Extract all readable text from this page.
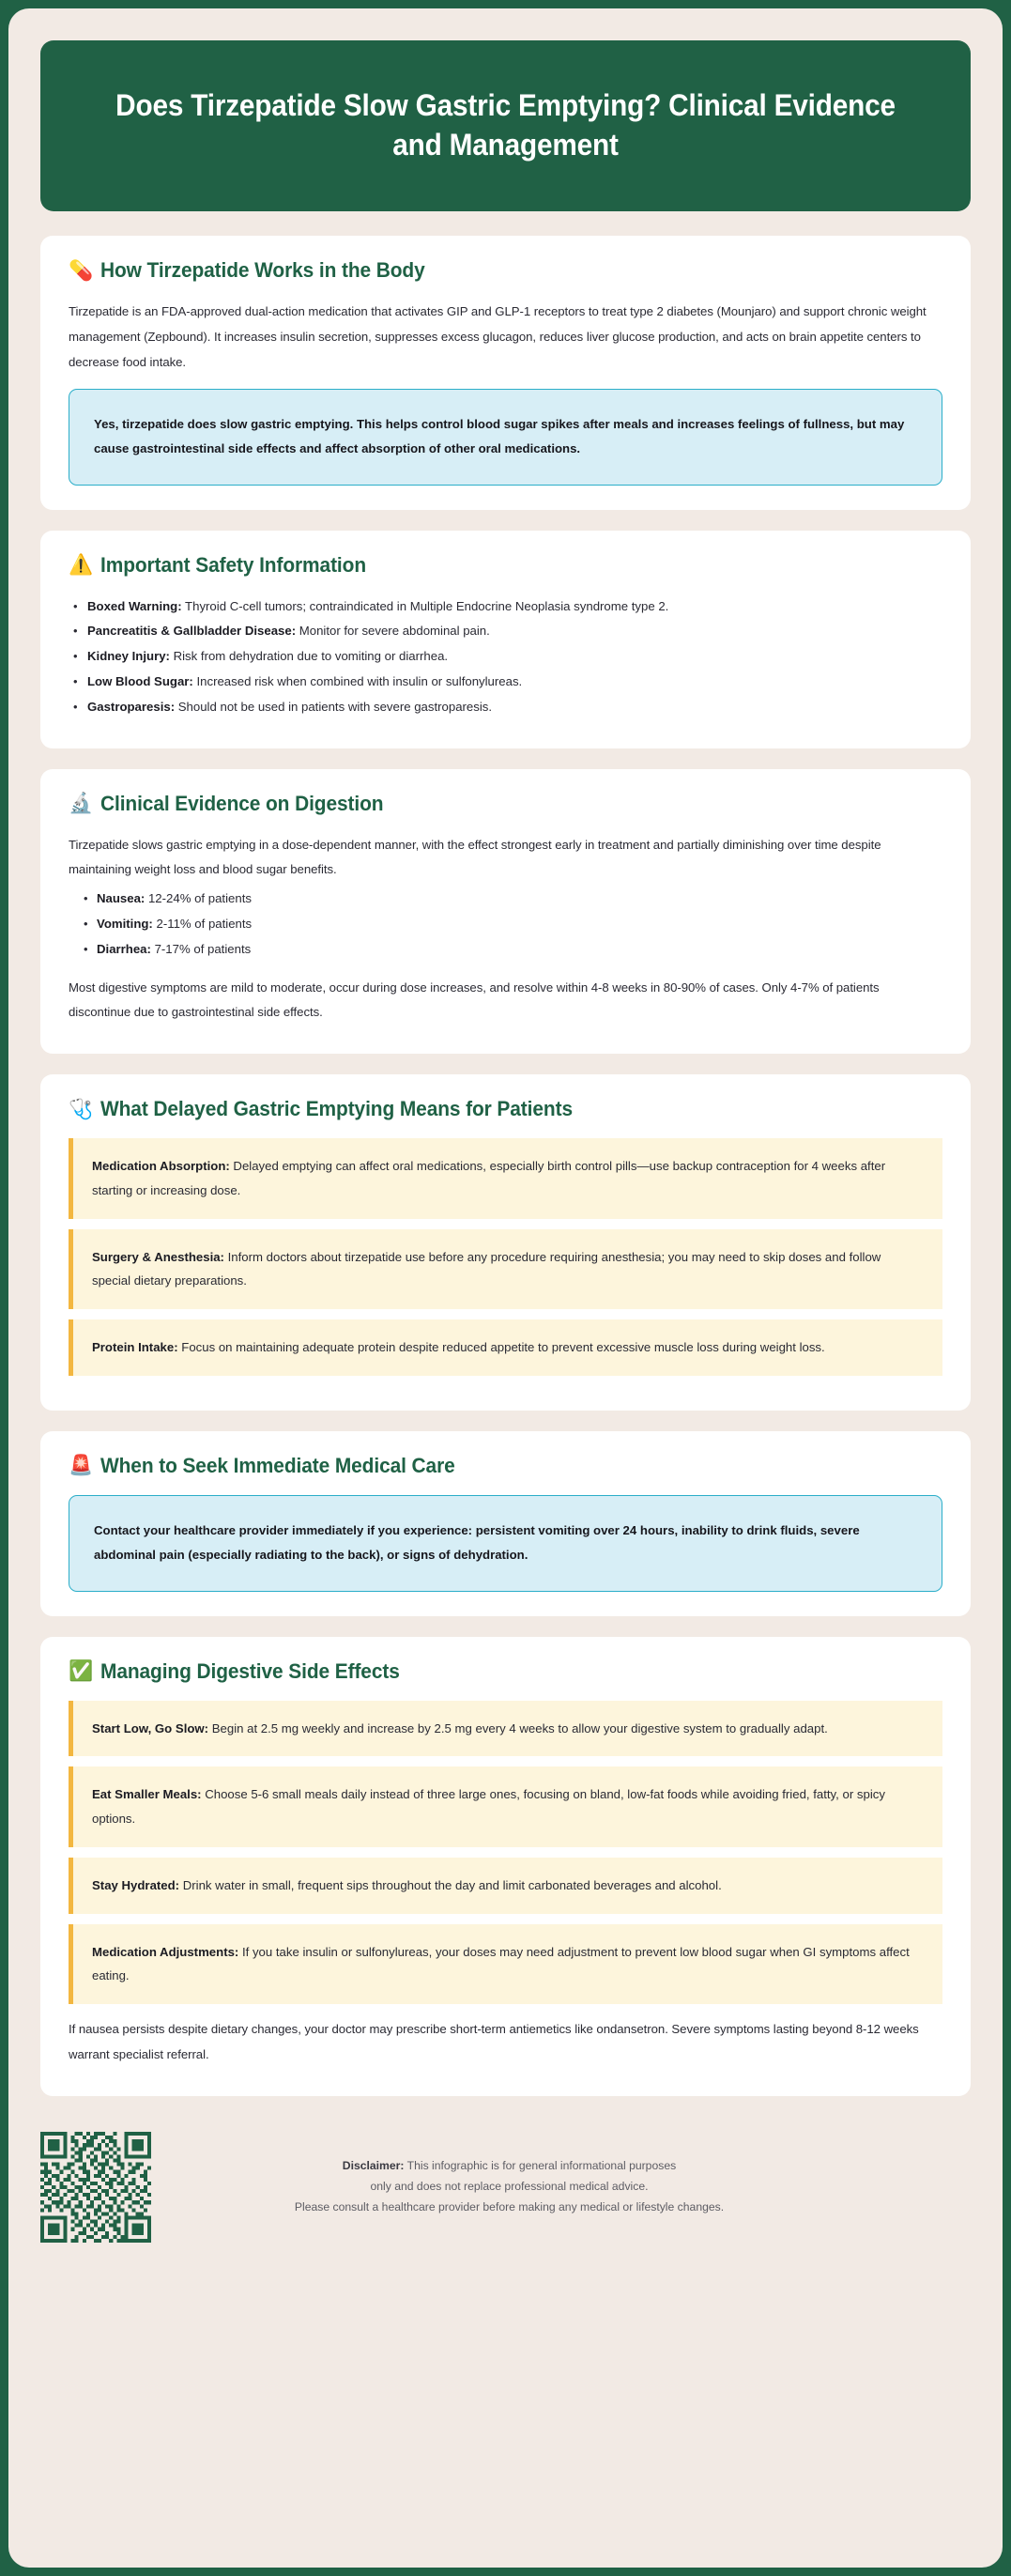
Does Tirzepatide Slow Gastric Emptying? Clinical Evidence and Management
💊 How Tirzepatide Works in the Body

Tirzepatide is an FDA-approved dual-action medication that activates GIP and GLP-1 receptors to treat type 2 diabetes (Mounjaro) and support chronic weight management (Zepbound). It increases insulin secretion, suppresses excess glucagon, reduces liver glucose production, and acts on brain appetite centers to decrease food intake.

Yes, tirzepatide does slow gastric emptying. This helps control blood sugar spikes after meals and increases feelings of fullness, but may cause gastrointestinal side effects and affect absorption of other oral medications.

⚠️ Important Safety Information
• Boxed Warning: Thyroid C-cell tumors; contraindicated in Multiple Endocrine Neoplasia syndrome type 2.
• Pancreatitis & Gallbladder Disease: Monitor for severe abdominal pain.
• Kidney Injury: Risk from dehydration due to vomiting or diarrhea.
• Low Blood Sugar: Increased risk when combined with insulin or sulfonylureas.
• Gastroparesis: Should not be used in patients with severe gastroparesis.
🔬 Clinical Evidence on Digestion

Tirzepatide slows gastric emptying in a dose-dependent manner, with the effect strongest early in treatment and partially diminishing over time despite maintaining weight loss and blood sugar benefits.

• Nausea: 12-24% of patients
• Vomiting: 2-11% of patients
• Diarrhea: 7-17% of patients

Most digestive symptoms are mild to moderate, occur during dose increases, and resolve within 4-8 weeks in 80-90% of cases. Only 4-7% of patients discontinue due to gastrointestinal side effects.

🩺 What Delayed Gastric Emptying Means for Patients

Medication Absorption: Delayed emptying can affect oral medications, especially birth control pills—use backup contraception for 4 weeks after starting or increasing dose.

Surgery & Anesthesia: Inform doctors about tirzepatide use before any procedure requiring anesthesia; you may need to skip doses and follow special dietary preparations.

Protein Intake: Focus on maintaining adequate protein despite reduced appetite to prevent excessive muscle loss during weight loss.

🚨 When to Seek Immediate Medical Care

Contact your healthcare provider immediately if you experience: persistent vomiting over 24 hours, inability to drink fluids, severe abdominal pain (especially radiating to the back), or signs of dehydration.

✅ Managing Digestive Side Effects

Start Low, Go Slow: Begin at 2.5 mg weekly and increase by 2.5 mg every 4 weeks to allow your digestive system to gradually adapt.

Eat Smaller Meals: Choose 5-6 small meals daily instead of three large ones, focusing on bland, low-fat foods while avoiding fried, fatty, or spicy options.

Stay Hydrated: Drink water in small, frequent sips throughout the day and limit carbonated beverages and alcohol.

Medication Adjustments: If you take insulin or sulfonylureas, your doses may need adjustment to prevent low blood sugar when GI symptoms affect eating.

If nausea persists despite dietary changes, your doctor may prescribe short-term antiemetics like ondansetron. Severe symptoms lasting beyond 8-12 weeks warrant specialist referral.

Disclaimer: This infographic is for general informational purposes
only and does not replace professional medical advice.
Please consult a healthcare provider before making any medical or lifestyle changes.
